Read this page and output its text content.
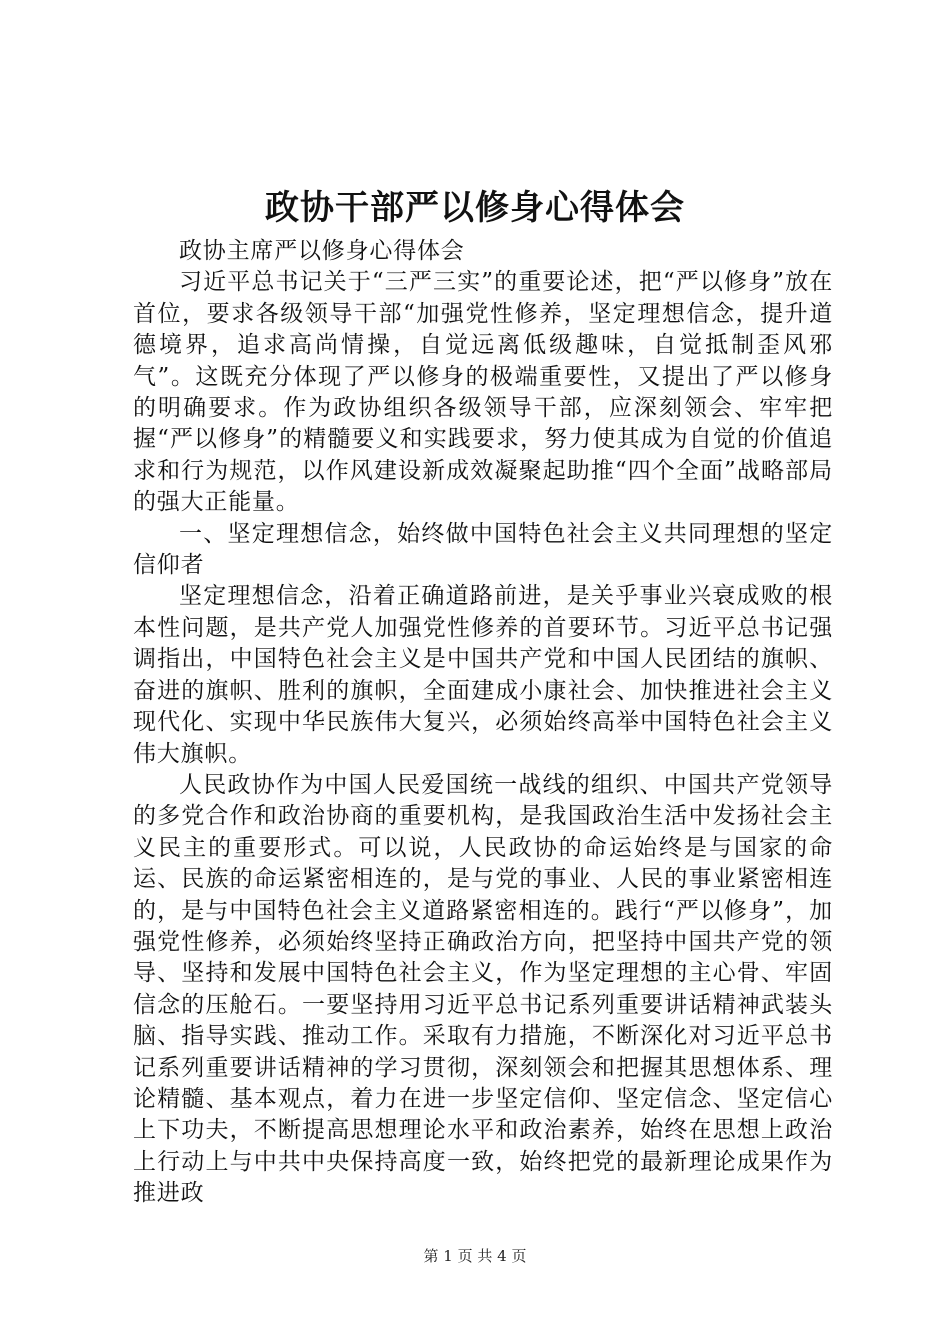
政协干部严以修身心得体会

政协主席严以修身心得体会

习近平总书记关于“三严三实”的重要论述，把“严以修身”放在首位，要求各级领导干部“加强党性修养，坚定理想信念，提升道德境界，追求高尚情操，自觉远离低级趣味，自觉抵制歪风邪气”。这既充分体现了严以修身的极端重要性，又提出了严以修身的明确要求。作为政协组织各级领导干部，应深刻领会、牢牢把握“严以修身”的精髓要义和实践要求，努力使其成为自觉的价值追求和行为规范，以作风建设新成效凝聚起助推“四个全面”战略部局的强大正能量。

一、坚定理想信念，始终做中国特色社会主义共同理想的坚定信仰者

坚定理想信念，沿着正确道路前进，是关乎事业兴衰成败的根本性问题，是共产党人加强党性修养的首要环节。习近平总书记强调指出，中国特色社会主义是中国共产党和中国人民团结的旗帜、奋进的旗帜、胜利的旗帜，全面建成小康社会、加快推进社会主义现代化、实现中华民族伟大复兴，必须始终高举中国特色社会主义伟大旗帜。

人民政协作为中国人民爱国统一战线的组织、中国共产党领导的多党合作和政治协商的重要机构，是我国政治生活中发扬社会主义民主的重要形式。可以说，人民政协的命运始终是与国家的命运、民族的命运紧密相连的，是与党的事业、人民的事业紧密相连的，是与中国特色社会主义道路紧密相连的。践行“严以修身”，加强党性修养，必须始终坚持正确政治方向，把坚持中国共产党的领导、坚持和发展中国特色社会主义，作为坚定理想的主心骨、牢固信念的压舱石。一要坚持用习近平总书记系列重要讲话精神武装头脑、指导实践、推动工作。采取有力措施，不断深化对习近平总书记系列重要讲话精神的学习贯彻，深刻领会和把握其思想体系、理论精髓、基本观点，着力在进一步坚定信仰、坚定信念、坚定信心上下功夫，不断提高思想理论水平和政治素养，始终在思想上政治上行动上与中共中央保持高度一致，始终把党的最新理论成果作为推进政

第 1 页 共 4 页
